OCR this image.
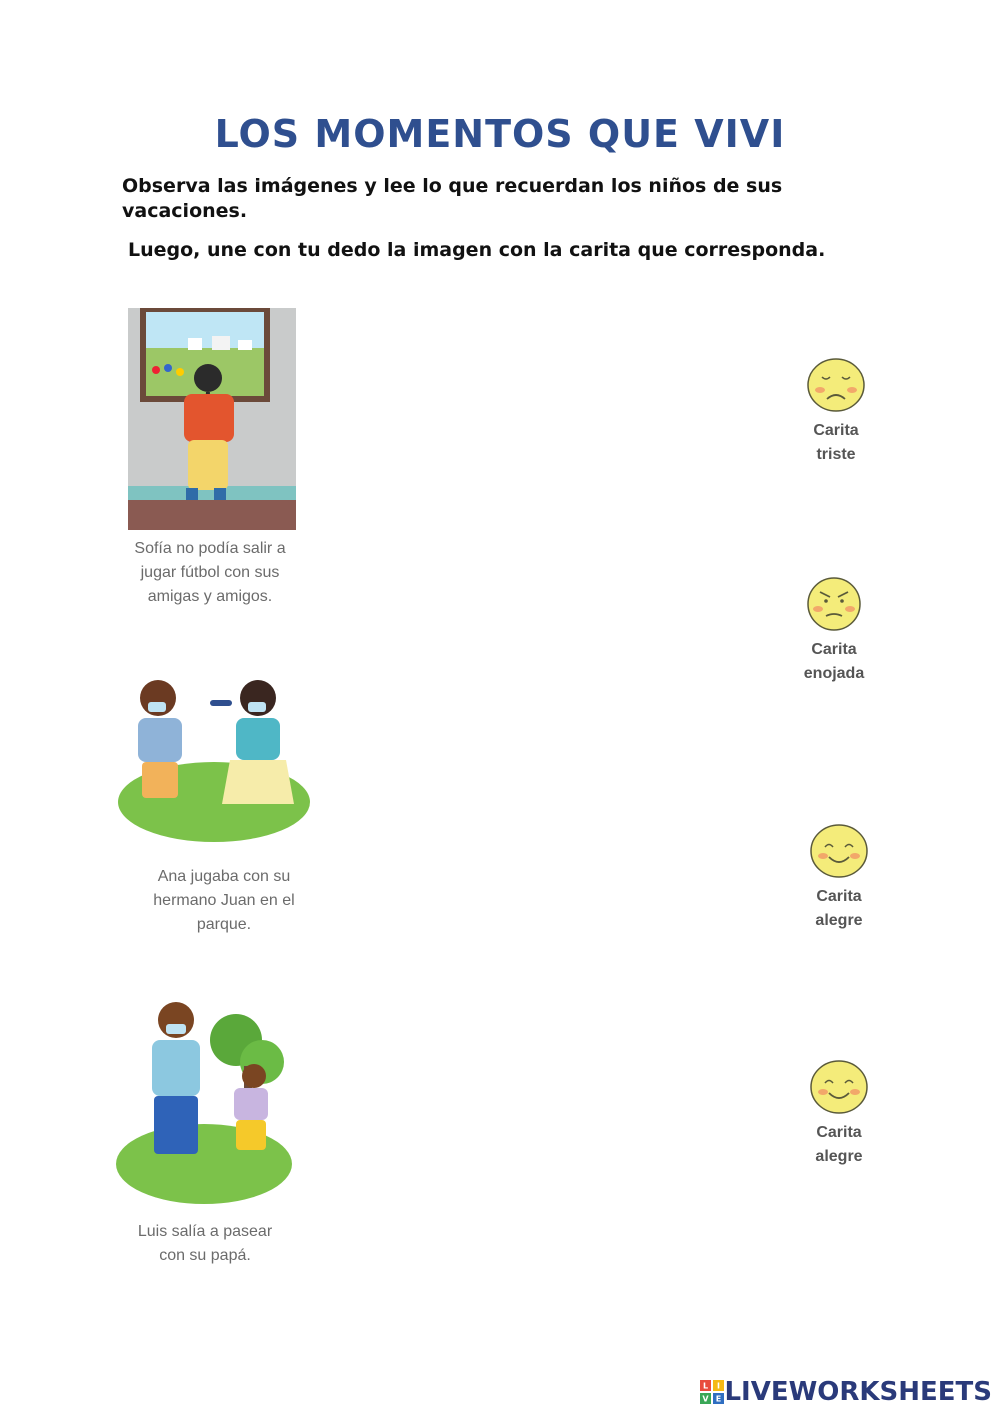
LOS MOMENTOS QUE VIVI
Observa las imágenes y lee lo que recuerdan los niños de sus vacaciones.
Luego, une con tu dedo la imagen con la carita que corresponda.
Sofía no podía salir a
jugar fútbol con sus
amigas y amigos.
Ana jugaba con su
hermano Juan en el
parque.
Luis salía a pasear
con su papá.
Carita
triste
Carita
enojada
Carita
alegre
Carita
alegre
L I
V E LIVEWORKSHEETS
